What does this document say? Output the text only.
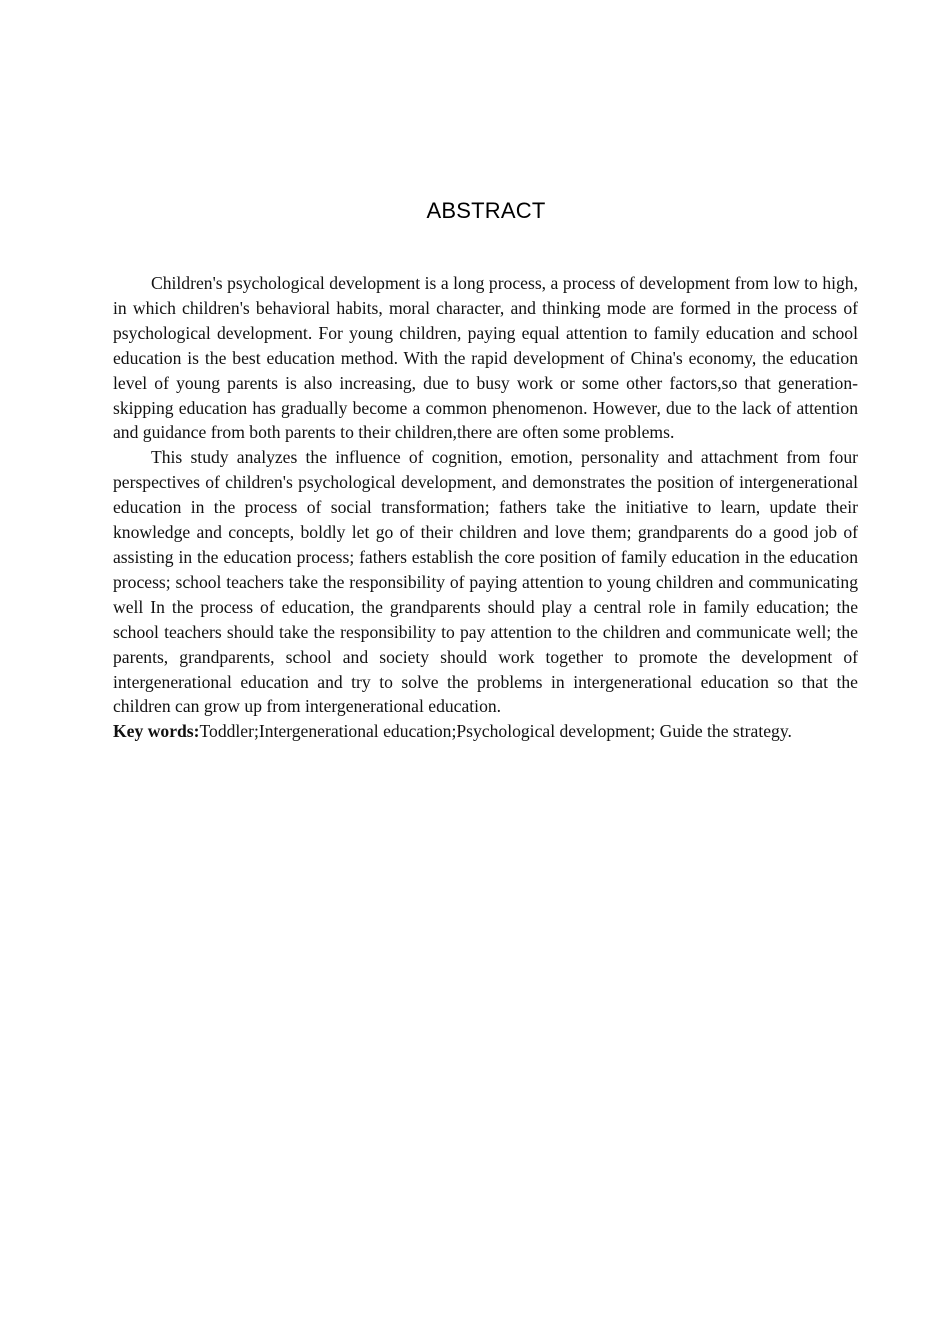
ABSTRACT

Children's psychological development is a long process, a process of development from low to high, in which children's behavioral habits, moral character, and thinking mode are formed in the process of psychological development. For young children, paying equal attention to family education and school education is the best education method. With the rapid development of China's economy, the education level of young parents is also increasing, due to busy work or some other factors,so that generation-skipping education has gradually become a common phenomenon. However, due to the lack of attention and guidance from both parents to their children,there are often some problems.

This study analyzes the influence of cognition, emotion, personality and attachment from four perspectives of children's psychological development, and demonstrates the position of intergenerational education in the process of social transformation; fathers take the initiative to learn, update their knowledge and concepts, boldly let go of their children and love them; grandparents do a good job of assisting in the education process; fathers establish the core position of family education in the education process; school teachers take the responsibility of paying attention to young children and communicating well In the process of education, the grandparents should play a central role in family education; the school teachers should take the responsibility to pay attention to the children and communicate well; the parents, grandparents, school and society should work together to promote the development of intergenerational education and try to solve the problems in intergenerational education so that the children can grow up from intergenerational education.

Key words:Toddler;Intergenerational education;Psychological development; Guide the strategy.
